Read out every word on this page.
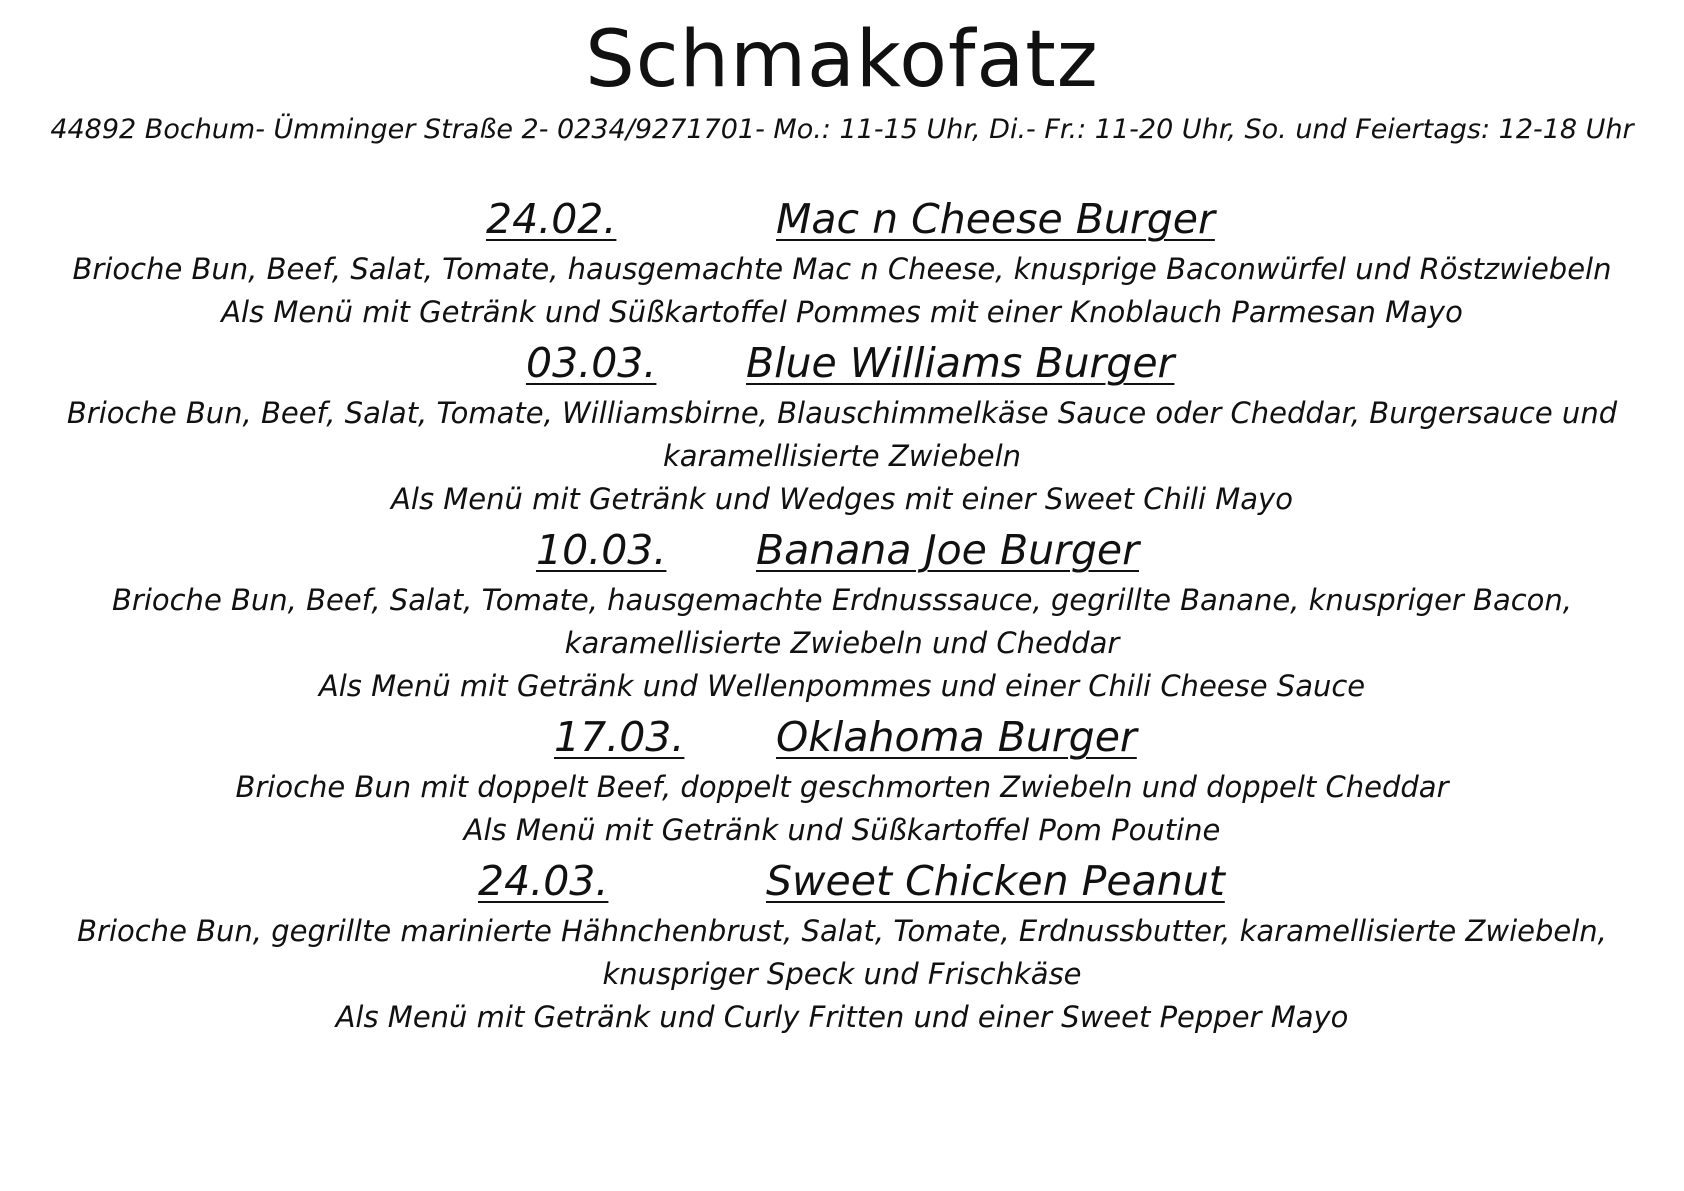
Schmakofatz
44892 Bochum- Ümminger Straße 2- 0234/9271701- Mo.: 11-15 Uhr, Di.- Fr.: 11-20 Uhr, So. und Feiertags: 12-18 Uhr
24.02.	Mac n Cheese Burger
Brioche Bun, Beef, Salat, Tomate, hausgemachte Mac n Cheese, knusprige Baconwürfel und Röstzwiebeln
Als Menü mit Getränk und Süßkartoffel Pommes mit einer Knoblauch Parmesan Mayo
03.03. Blue Williams Burger
Brioche Bun, Beef, Salat, Tomate, Williamsbirne, Blauschimmelkäse Sauce oder Cheddar, Burgersauce und
karamellisierte Zwiebeln
Als Menü mit Getränk und Wedges mit einer Sweet Chili Mayo
10.03. Banana Joe Burger
Brioche Bun, Beef, Salat, Tomate, hausgemachte Erdnusssauce, gegrillte Banane, knuspriger Bacon,
karamellisierte Zwiebeln und Cheddar
Als Menü mit Getränk und Wellenpommes und einer Chili Cheese Sauce
17.03. Oklahoma Burger
Brioche Bun mit doppelt Beef, doppelt geschmorten Zwiebeln und doppelt Cheddar
Als Menü mit Getränk und Süßkartoffel Pom Poutine
24.03.	Sweet Chicken Peanut
Brioche Bun, gegrillte marinierte Hähnchenbrust, Salat, Tomate, Erdnussbutter, karamellisierte Zwiebeln,
knuspriger Speck und Frischkäse
Als Menü mit Getränk und Curly Fritten und einer Sweet Pepper Mayo
